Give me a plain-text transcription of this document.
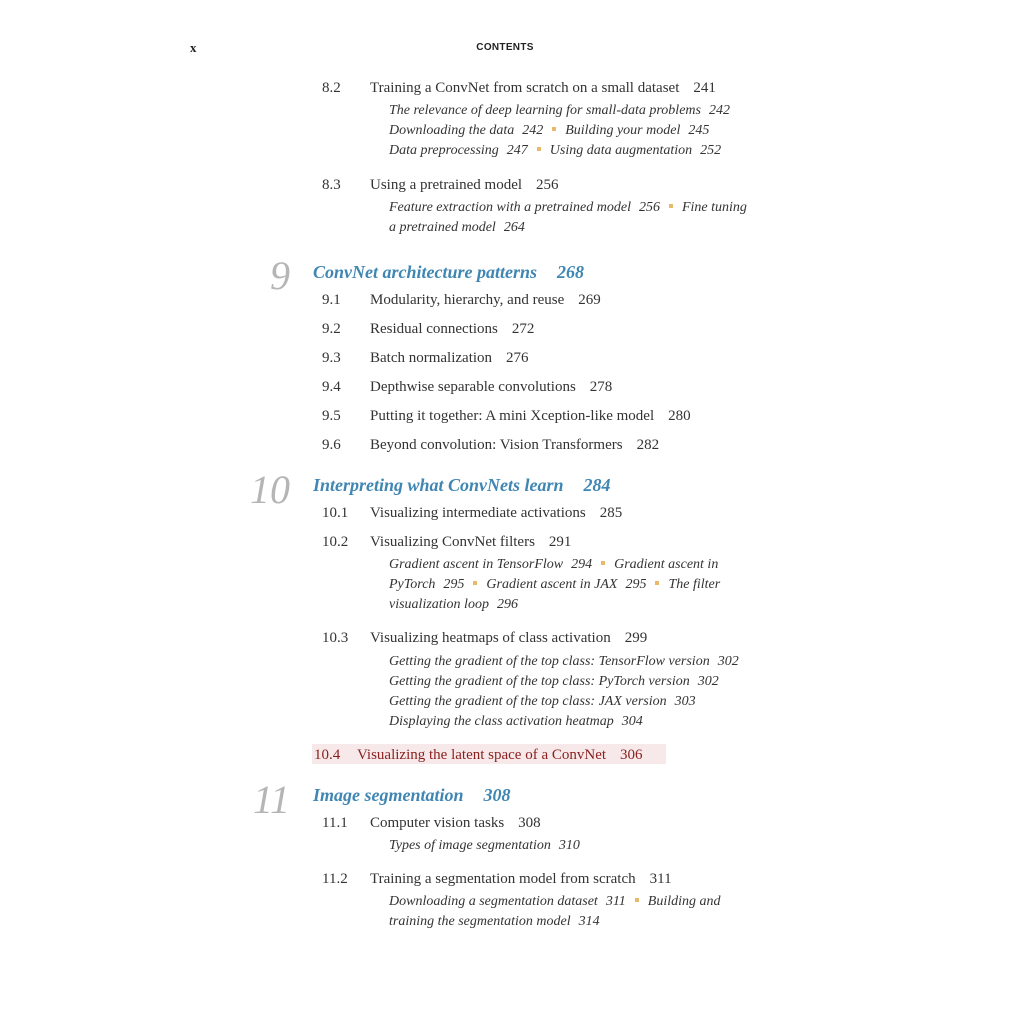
x	CONTENTS
8.2 Training a ConvNet from scratch on a small dataset 241
The relevance of deep learning for small-data problems 242
Downloading the data 242 Building your model 245
Data preprocessing 247 Using data augmentation 252
8.3 Using a pretrained model 256
Feature extraction with a pretrained model 256 Fine tuning
a pretrained model 264
9 ConvNet architecture patterns 268
9.1 Modularity, hierarchy, and reuse 269
9.2 Residual connections 272
9.3 Batch normalization 276
9.4 Depthwise separable convolutions 278
9.5 Putting it together: A mini Xception-like model 280
9.6 Beyond convolution: Vision Transformers 282
10 Interpreting what ConvNets learn 284
10.1 Visualizing intermediate activations 285
10.2 Visualizing ConvNet filters 291
Gradient ascent in TensorFlow 294 Gradient ascent in
PyTorch 295 Gradient ascent in JAX 295 The filter
visualization loop 296
10.3 Visualizing heatmaps of class activation 299
Getting the gradient of the top class: TensorFlow version 302
Getting the gradient of the top class: PyTorch version 302
Getting the gradient of the top class: JAX version 303
Displaying the class activation heatmap 304
10.4 Visualizing the latent space of a ConvNet 306
11 Image segmentation 308
11.1 Computer vision tasks 308
Types of image segmentation 310
11.2 Training a segmentation model from scratch 311
Downloading a segmentation dataset 311 Building and
training the segmentation model 314
